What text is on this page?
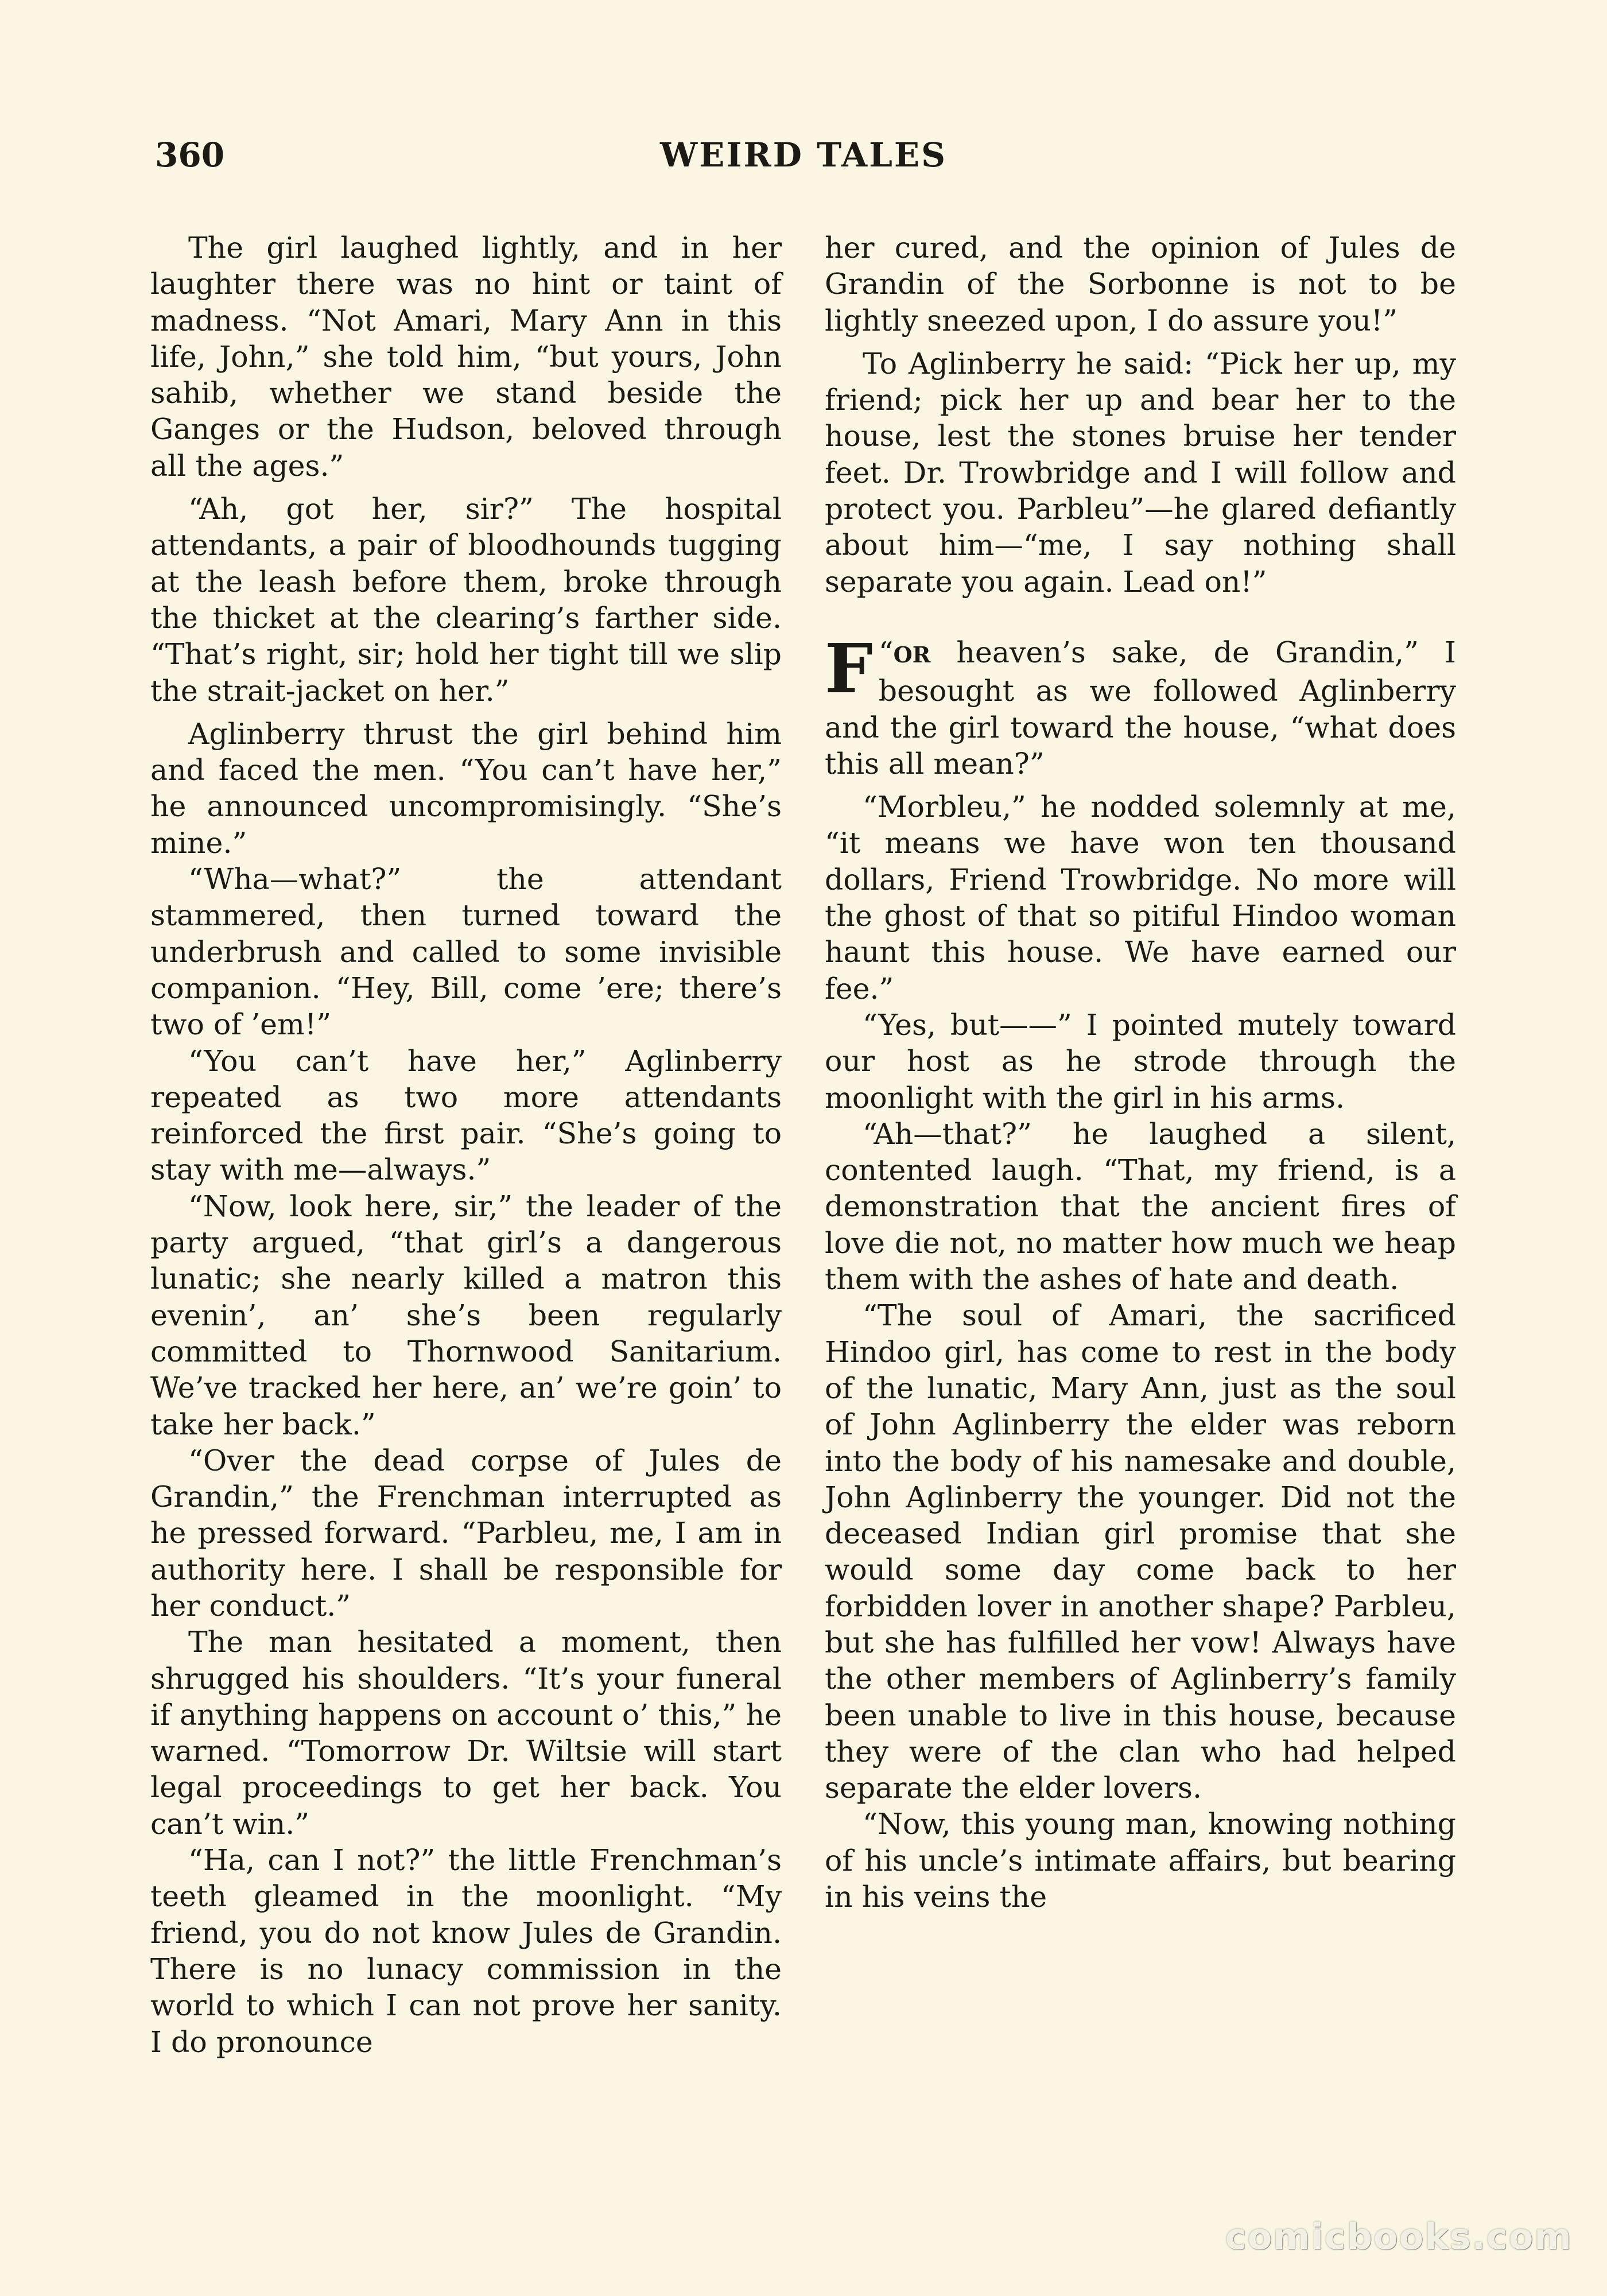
360	WEIRD TALES

The girl laughed lightly, and in her laughter there was no hint or taint of madness. “Not Amari, Mary Ann in this life, John,” she told him, “but yours, John sahib, whether we stand beside the Ganges or the Hudson, beloved through all the ages.”

“Ah, got her, sir?” The hospital attendants, a pair of bloodhounds tugging at the leash before them, broke through the thicket at the clearing’s farther side. “That’s right, sir; hold her tight till we slip the strait-jacket on her.”

Aglinberry thrust the girl behind him and faced the men. “You can’t have her,” he announced uncompromisingly. “She’s mine.”

“Wha—what?” the attendant stammered, then turned toward the underbrush and called to some invisible companion. “Hey, Bill, come ’ere; there’s two of ’em!”

“You can’t have her,” Aglinberry repeated as two more attendants reinforced the first pair. “She’s going to stay with me—always.”

“Now, look here, sir,” the leader of the party argued, “that girl’s a dangerous lunatic; she nearly killed a matron this evenin’, an’ she’s been regularly committed to Thornwood Sanitarium. We’ve tracked her here, an’ we’re goin’ to take her back.”

“Over the dead corpse of Jules de Grandin,” the Frenchman interrupted as he pressed forward. “Parbleu, me, I am in authority here. I shall be responsible for her conduct.”

The man hesitated a moment, then shrugged his shoulders. “It’s your funeral if anything happens on account o’ this,” he warned. “Tomorrow Dr. Wiltsie will start legal proceedings to get her back. You can’t win.”

“Ha, can I not?” the little Frenchman’s teeth gleamed in the moonlight. “My friend, you do not know Jules de Grandin. There is no lunacy commission in the world to which I can not prove her sanity. I do pronounce

her cured, and the opinion of Jules de Grandin of the Sorbonne is not to be lightly sneezed upon, I do assure you!”

To Aglinberry he said: “Pick her up, my friend; pick her up and bear her to the house, lest the stones bruise her tender feet. Dr. Trowbridge and I will follow and protect you. Parbleu”—he glared defiantly about him—“me, I say nothing shall separate you again. Lead on!”

“
F OR heaven’s sake, de Grandin,” I besought as we followed Aglinberry and the girl toward the house, “what does this all mean?”

“Morbleu,” he nodded solemnly at me, “it means we have won ten thousand dollars, Friend Trowbridge. No more will the ghost of that so pitiful Hindoo woman haunt this house. We have earned our fee.”

“Yes, but——” I pointed mutely toward our host as he strode through the moonlight with the girl in his arms.

“Ah—that?” he laughed a silent, contented laugh. “That, my friend, is a demonstration that the ancient fires of love die not, no matter how much we heap them with the ashes of hate and death.

“The soul of Amari, the sacrificed Hindoo girl, has come to rest in the body of the lunatic, Mary Ann, just as the soul of John Aglinberry the elder was reborn into the body of his namesake and double, John Aglinberry the younger. Did not the deceased Indian girl promise that she would some day come back to her forbidden lover in another shape? Parbleu, but she has fulfilled her vow! Always have the other members of Aglinberry’s family been unable to live in this house, because they were of the clan who had helped separate the elder lovers.

“Now, this young man, knowing nothing of his uncle’s intimate affairs, but bearing in his veins the

comicbooks.com
